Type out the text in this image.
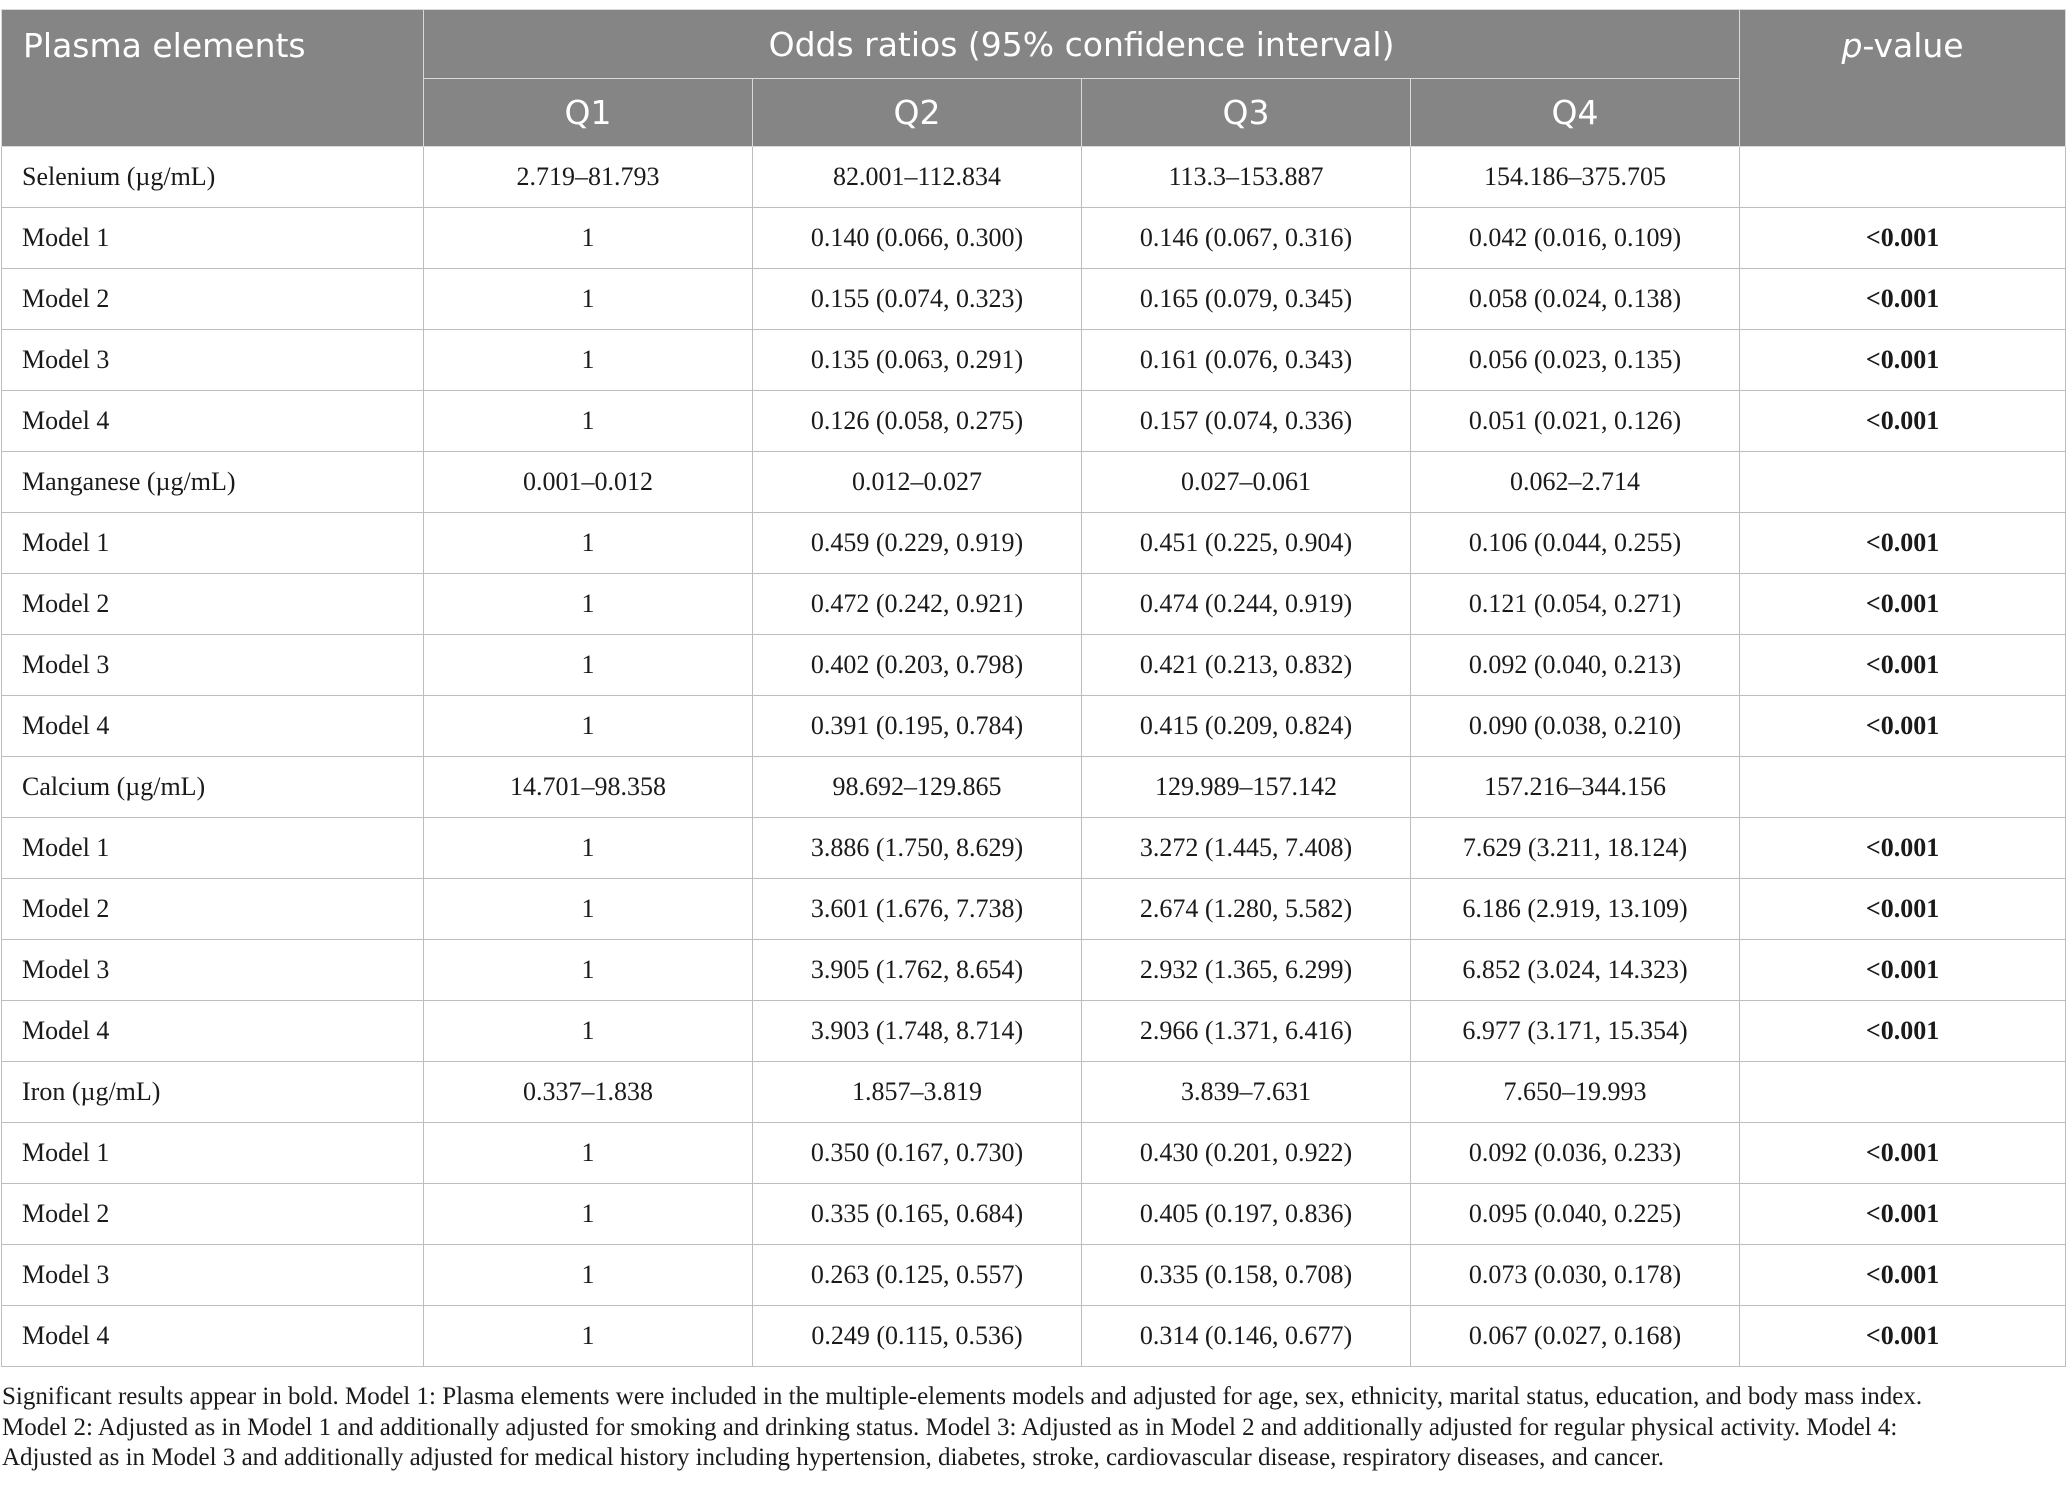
Plasma elements	Odds ratios (95% confidence interval)				p-value
	Q1	Q2	Q3	Q4	
Selenium (µg/mL)	2.719–81.793	82.001–112.834	113.3–153.887	154.186–375.705	
Model 1	1	0.140 (0.066, 0.300)	0.146 (0.067, 0.316)	0.042 (0.016, 0.109)	<0.001
Model 2	1	0.155 (0.074, 0.323)	0.165 (0.079, 0.345)	0.058 (0.024, 0.138)	<0.001
Model 3	1	0.135 (0.063, 0.291)	0.161 (0.076, 0.343)	0.056 (0.023, 0.135)	<0.001
Model 4	1	0.126 (0.058, 0.275)	0.157 (0.074, 0.336)	0.051 (0.021, 0.126)	<0.001
Manganese (µg/mL)	0.001–0.012	0.012–0.027	0.027–0.061	0.062–2.714	
Model 1	1	0.459 (0.229, 0.919)	0.451 (0.225, 0.904)	0.106 (0.044, 0.255)	<0.001
Model 2	1	0.472 (0.242, 0.921)	0.474 (0.244, 0.919)	0.121 (0.054, 0.271)	<0.001
Model 3	1	0.402 (0.203, 0.798)	0.421 (0.213, 0.832)	0.092 (0.040, 0.213)	<0.001
Model 4	1	0.391 (0.195, 0.784)	0.415 (0.209, 0.824)	0.090 (0.038, 0.210)	<0.001
Calcium (µg/mL)	14.701–98.358	98.692–129.865	129.989–157.142	157.216–344.156	
Model 1	1	3.886 (1.750, 8.629)	3.272 (1.445, 7.408)	7.629 (3.211, 18.124)	<0.001
Model 2	1	3.601 (1.676, 7.738)	2.674 (1.280, 5.582)	6.186 (2.919, 13.109)	<0.001
Model 3	1	3.905 (1.762, 8.654)	2.932 (1.365, 6.299)	6.852 (3.024, 14.323)	<0.001
Model 4	1	3.903 (1.748, 8.714)	2.966 (1.371, 6.416)	6.977 (3.171, 15.354)	<0.001
Iron (µg/mL)	0.337–1.838	1.857–3.819	3.839–7.631	7.650–19.993	
Model 1	1	0.350 (0.167, 0.730)	0.430 (0.201, 0.922)	0.092 (0.036, 0.233)	<0.001
Model 2	1	0.335 (0.165, 0.684)	0.405 (0.197, 0.836)	0.095 (0.040, 0.225)	<0.001
Model 3	1	0.263 (0.125, 0.557)	0.335 (0.158, 0.708)	0.073 (0.030, 0.178)	<0.001
Model 4	1	0.249 (0.115, 0.536)	0.314 (0.146, 0.677)	0.067 (0.027, 0.168)	<0.001

Significant results appear in bold. Model 1: Plasma elements were included in the multiple-elements models and adjusted for age, sex, ethnicity, marital status, education, and body mass index.

Model 2: Adjusted as in Model 1 and additionally adjusted for smoking and drinking status. Model 3: Adjusted as in Model 2 and additionally adjusted for regular physical activity. Model 4:

Adjusted as in Model 3 and additionally adjusted for medical history including hypertension, diabetes, stroke, cardiovascular disease, respiratory diseases, and cancer.
